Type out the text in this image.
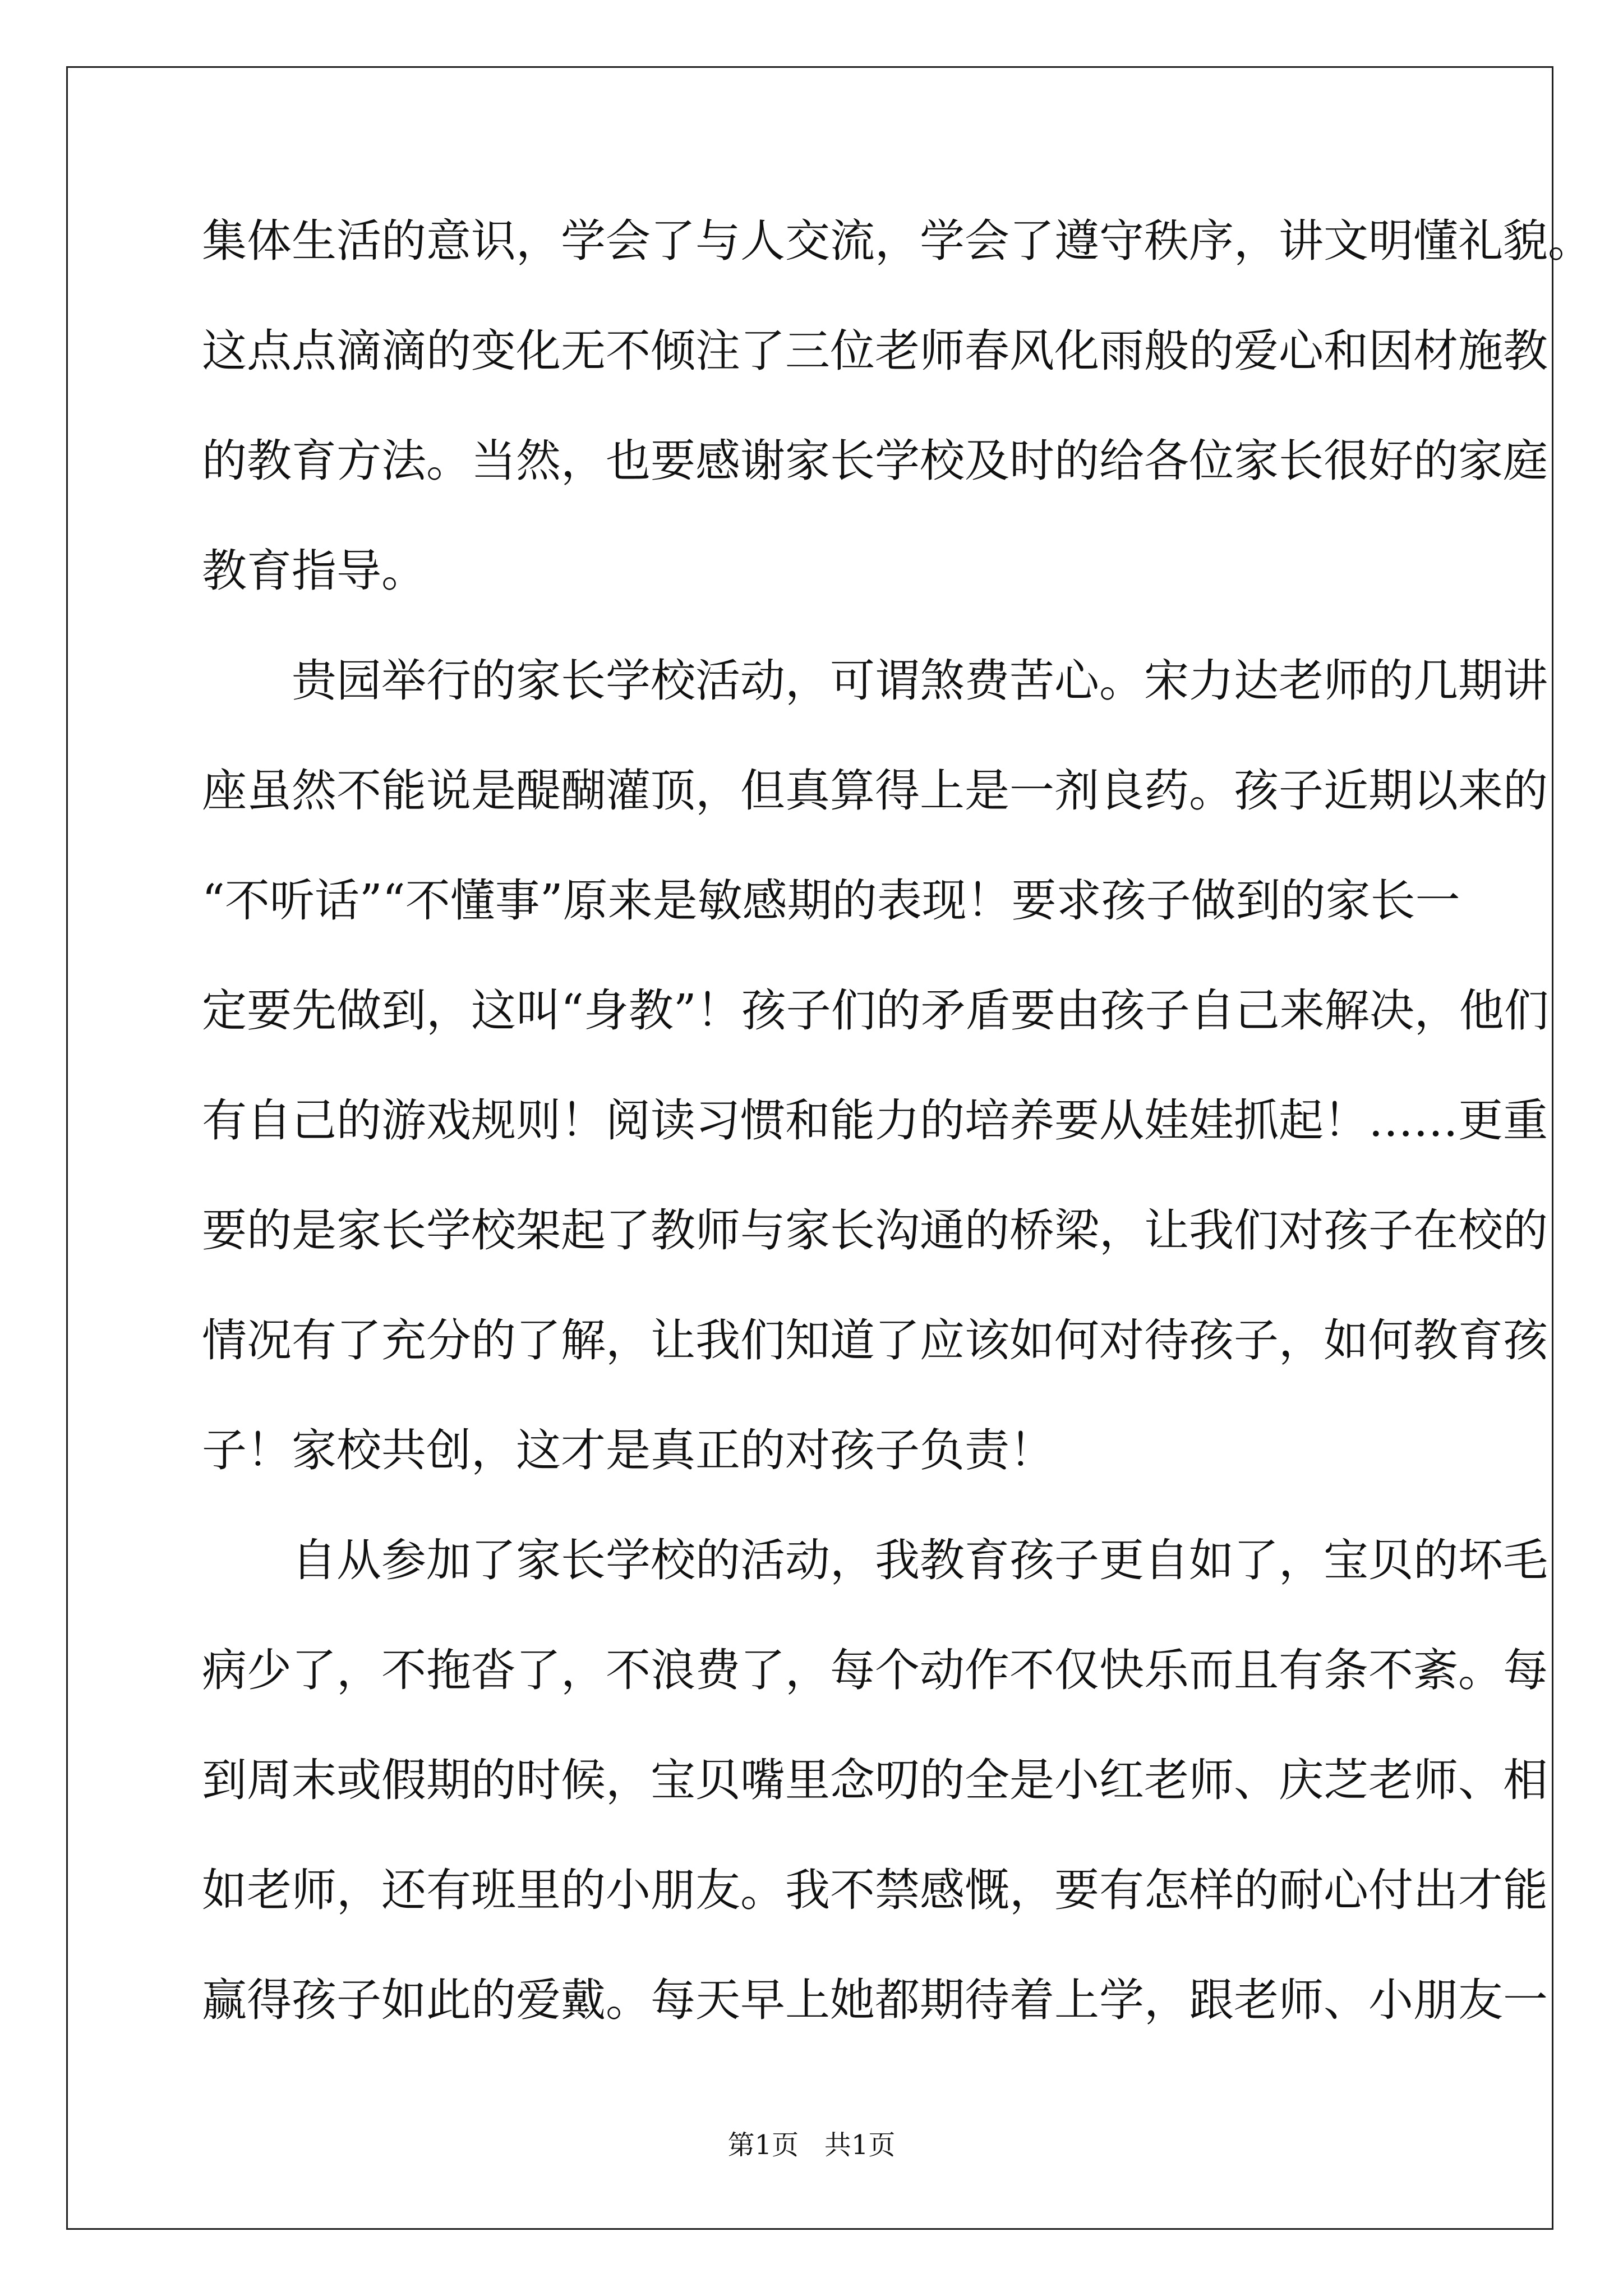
集体生活的意识，学会了与人交流，学会了遵守秩序，讲文明懂礼貌。
这点点滴滴的变化无不倾注了三位老师春风化雨般的爱心和因材施教
的教育方法。当然，也要感谢家长学校及时的给各位家长很好的家庭
教育指导。
　　贵园举行的家长学校活动，可谓煞费苦心。宋力达老师的几期讲
座虽然不能说是醍醐灌顶，但真算得上是一剂良药。孩子近期以来的
“不听话”“不懂事”原来是敏感期的表现！要求孩子做到的家长一
定要先做到，这叫“身教”！孩子们的矛盾要由孩子自己来解决，他们
有自己的游戏规则！阅读习惯和能力的培养要从娃娃抓起！……更重
要的是家长学校架起了教师与家长沟通的桥梁，让我们对孩子在校的
情况有了充分的了解，让我们知道了应该如何对待孩子，如何教育孩
子！家校共创，这才是真正的对孩子负责！
　　自从参加了家长学校的活动，我教育孩子更自如了，宝贝的坏毛
病少了，不拖沓了，不浪费了，每个动作不仅快乐而且有条不紊。每
到周末或假期的时候，宝贝嘴里念叨的全是小红老师、庆芝老师、相
如老师，还有班里的小朋友。我不禁感慨，要有怎样的耐心付出才能
赢得孩子如此的爱戴。每天早上她都期待着上学，跟老师、小朋友一
第1页 共1页
